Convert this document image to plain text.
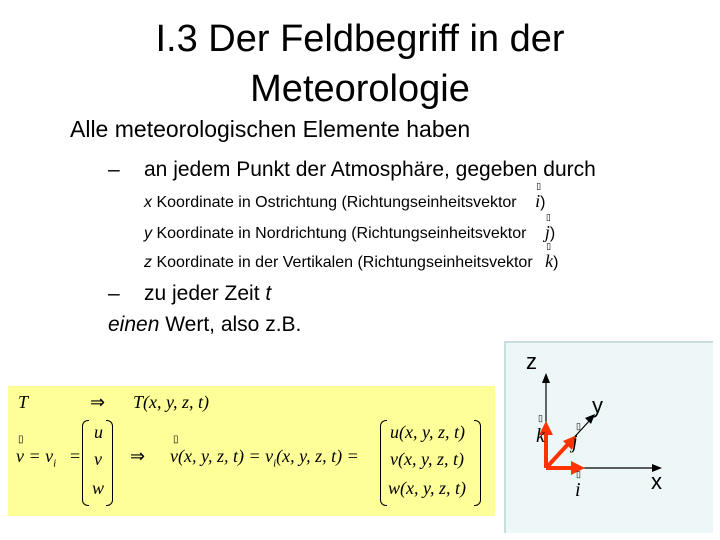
I.3 Der Feldbegriff in der
Meteorologie
Alle meteorologischen Elemente haben
– an jedem Punkt der Atmosphäre, gegeben durch
x Koordinate in Ostrichtung (Richtungseinheitsvektor
▯
i)
y Koordinate in Nordrichtung (Richtungseinheitsvektor
▯
j)
z Koordinate in der Vertikalen (Richtungseinheitsvektor
▯
k)
– zu jeder Zeit t
einen Wert, also z.B.
T	⇒ T(x, y, z, t)
▯
$v = v_i$ =
u
v
w
⇒
▯
v(x, y, z, $t) = v_i(x$, y, z, t) =
u(x, y, z, t)
v(x, y, z, t)
w(x, y, z, t)
z
y
x
▯
k	▯
j
▯
i
